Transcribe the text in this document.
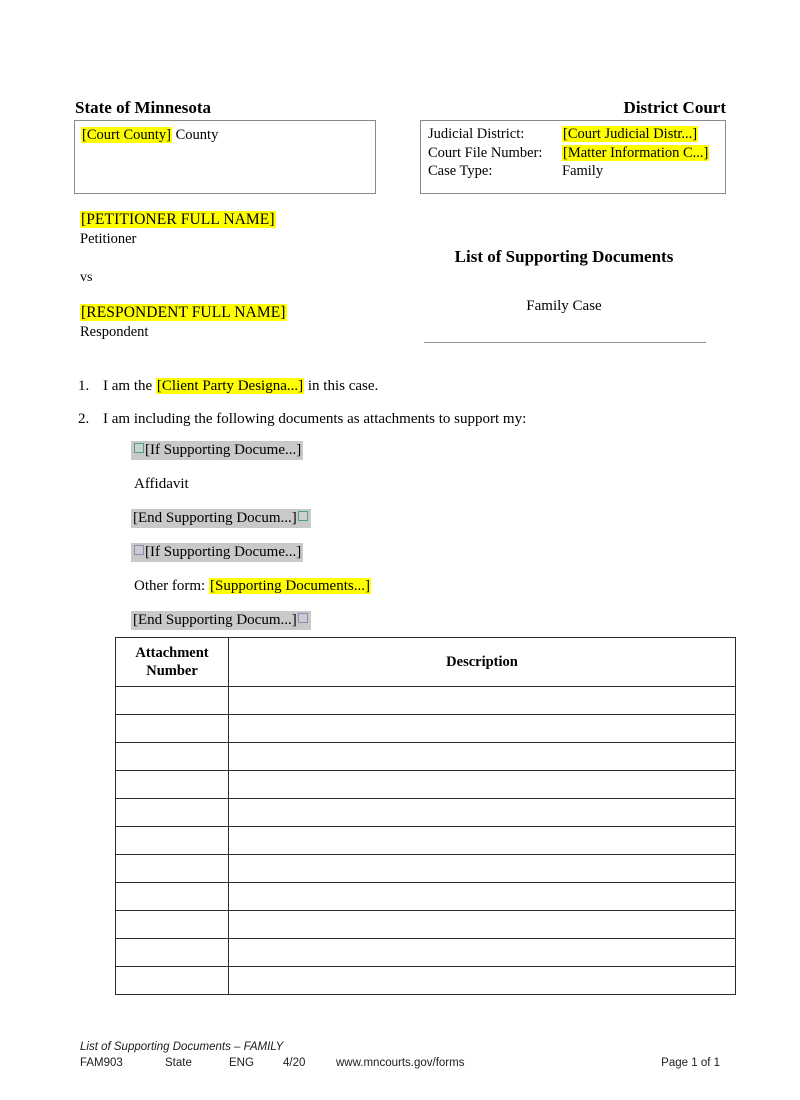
State of Minnesota
[Court County] County
District Court
Judicial District:	[Court Judicial Distr...]
Court File Number:	[Matter Information C...]
Case Type:	Family
[PETITIONER FULL NAME]
Petitioner
vs
[RESPONDENT FULL NAME]
Respondent
List of Supporting Documents
Family Case
1. I am the [Client Party Designa...] in this case.
2. I am including the following documents as attachments to support my:
[If Supporting Docume...]
Affidavit
[End Supporting Docum...]
[If Supporting Docume...]
Other form: [Supporting Documents...]
[End Supporting Docum...]
Attachment
Number	Description

List of Supporting Documents – FAMILY
FAM903	State	ENG	4/20	www.mncourts.gov/forms	Page 1 of 1
